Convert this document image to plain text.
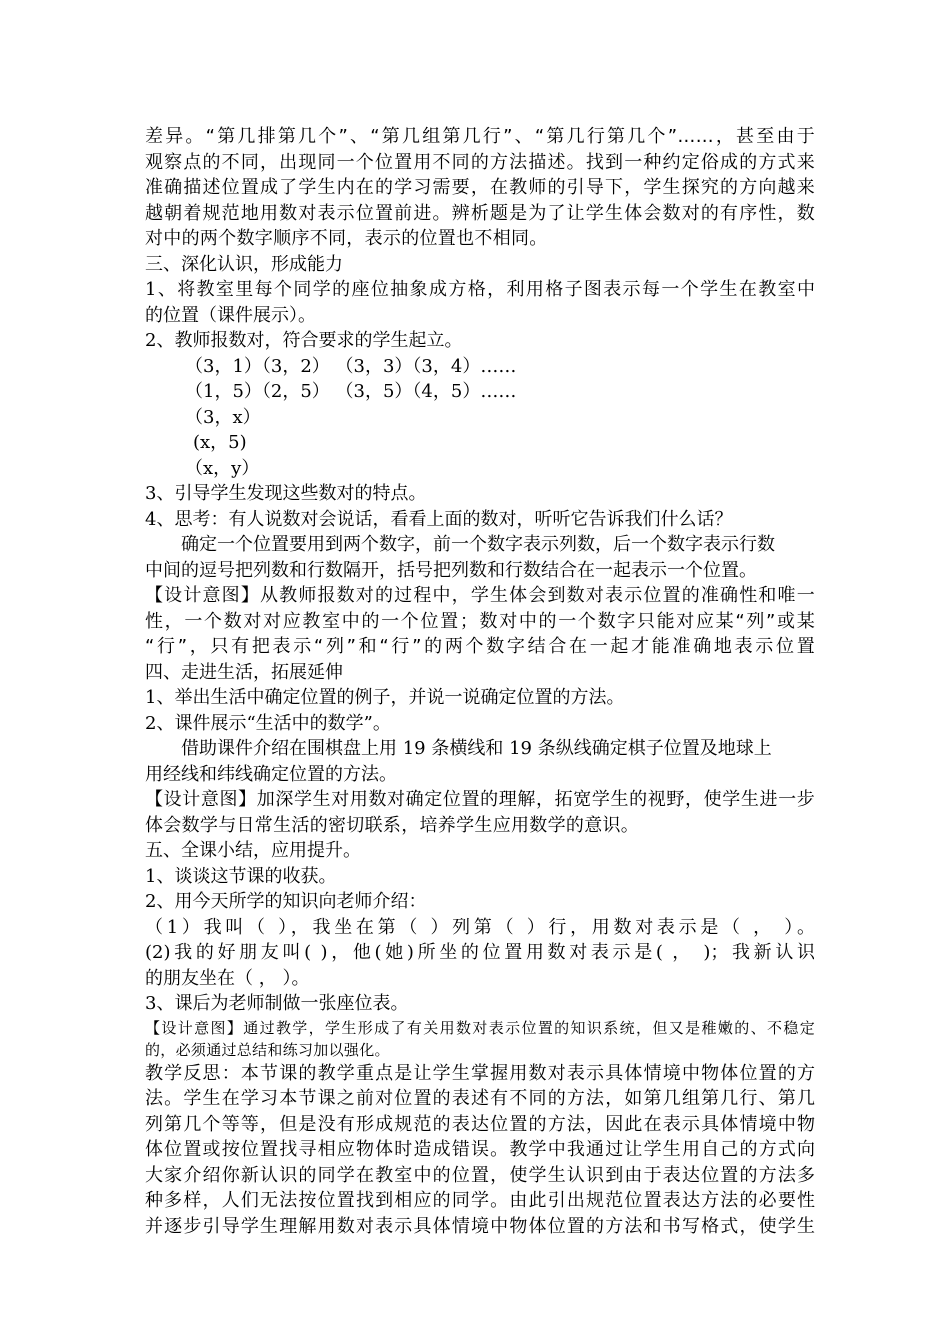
差异。“第几排第几个”、“第几组第几行”、“第几行第几个”……，甚至由于
观察点的不同，出现同一个位置用不同的方法描述。找到一种约定俗成的方式来
准确描述位置成了学生内在的学习需要，在教师的引导下，学生探究的方向越来
越朝着规范地用数对表示位置前进。辨析题是为了让学生体会数对的有序性，数
对中的两个数字顺序不同，表示的位置也不相同。
三、深化认识，形成能力
1、将教室里每个同学的座位抽象成方格，利用格子图表示每一个学生在教室中
的位置（课件展示）。
2、教师报数对，符合要求的学生起立。
（3，1）（3，2） （3，3）（3，4）……
（1，5）（2，5） （3，5）（4，5）……
（3，x）
(x，5)
（x，y）
3、引导学生发现这些数对的特点。
4、思考：有人说数对会说话，看看上面的数对，听听它告诉我们什么话？
确定一个位置要用到两个数字，前一个数字表示列数，后一个数字表示行数
中间的逗号把列数和行数隔开，括号把列数和行数结合在一起表示一个位置。
【设计意图】从教师报数对的过程中，学生体会到数对表示位置的准确性和唯一
性，一个数对对应教室中的一个位置；数对中的一个数字只能对应某“列”或某
“行”，只有把表示“列”和“行”的两个数字结合在一起才能准确地表示位置
四、走进生活，拓展延伸
1、举出生活中确定位置的例子，并说一说确定位置的方法。
2、课件展示“生活中的数学”。
借助课件介绍在围棋盘上用 19 条横线和 19 条纵线确定棋子位置及地球上
用经线和纬线确定位置的方法。
【设计意图】加深学生对用数对确定位置的理解，拓宽学生的视野，使学生进一步
体会数学与日常生活的密切联系，培养学生应用数学的意识。
五、全课小结，应用提升。
1、谈谈这节课的收获。
2、用今天所学的知识向老师介绍：
（1）我叫（ ），我坐在第（ ）列第（ ）行，用数对表示是（ ， ）。
(2)我的好朋友叫( )，他(她)所坐的位置用数对表示是( ， )；我新认识
的朋友坐在（ ， ）。
3、课后为老师制做一张座位表。
【设计意图】通过教学，学生形成了有关用数对表示位置的知识系统，但又是稚嫩的、不稳定
的，必须通过总结和练习加以强化。
教学反思：本节课的教学重点是让学生掌握用数对表示具体情境中物体位置的方
法。学生在学习本节课之前对位置的表述有不同的方法，如第几组第几行、第几
列第几个等等，但是没有形成规范的表达位置的方法，因此在表示具体情境中物
体位置或按位置找寻相应物体时造成错误。教学中我通过让学生用自己的方式向
大家介绍你新认识的同学在教室中的位置，使学生认识到由于表达位置的方法多
种多样，人们无法按位置找到相应的同学。由此引出规范位置表达方法的必要性
并逐步引导学生理解用数对表示具体情境中物体位置的方法和书写格式，使学生
